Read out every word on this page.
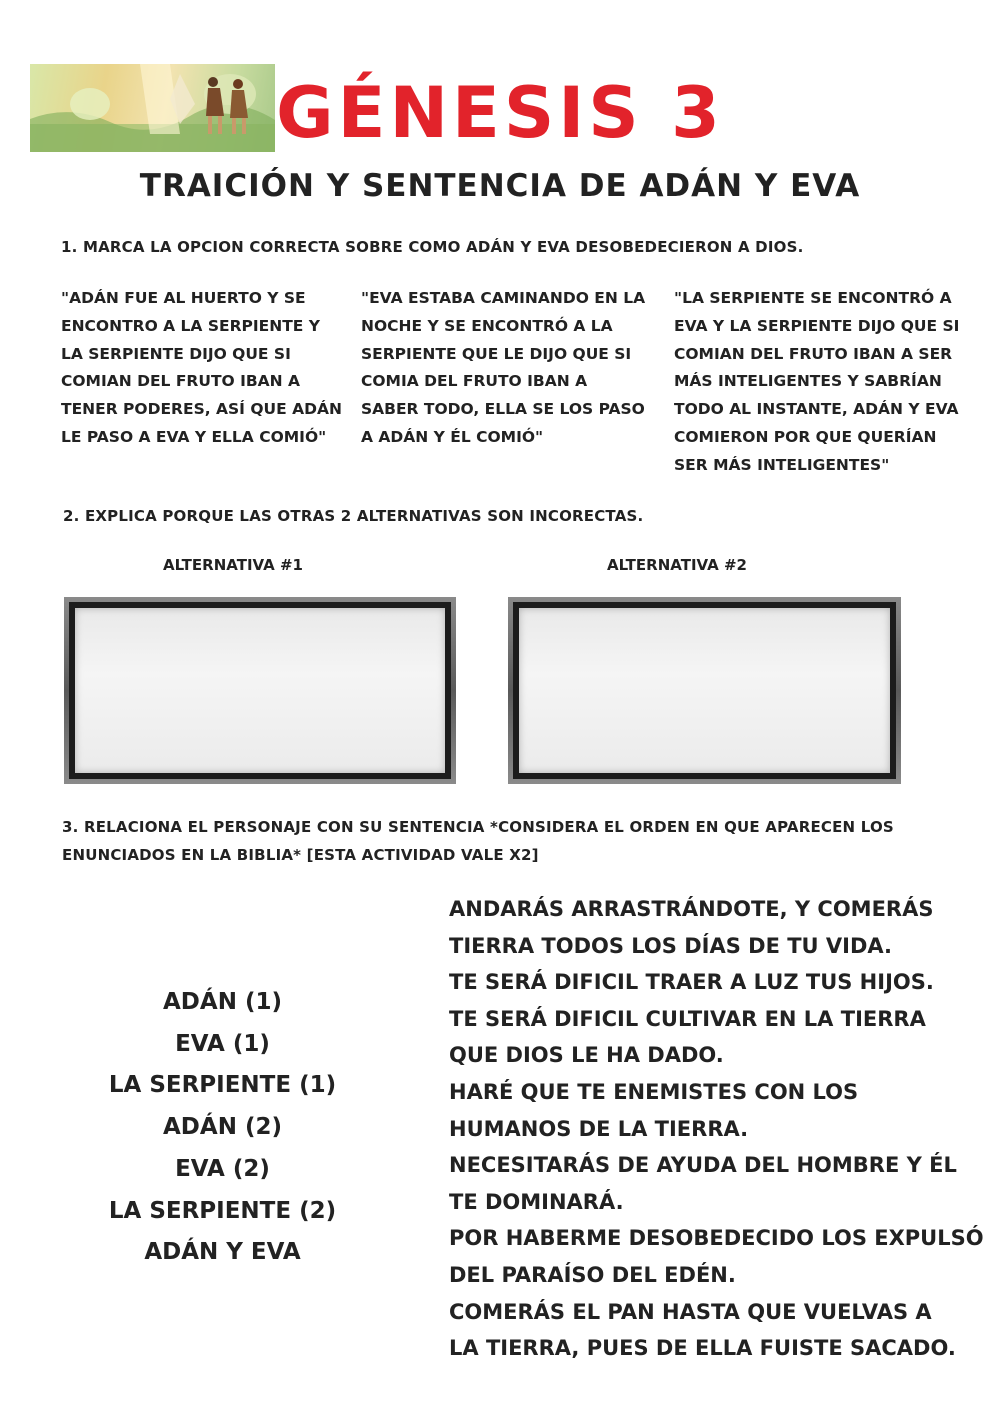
GÉNESIS 3
TRAICIÓN Y SENTENCIA DE ADÁN Y EVA
1. MARCA LA OPCION CORRECTA SOBRE COMO ADÁN Y EVA DESOBEDECIERON A DIOS.
"ADÁN FUE AL HUERTO Y SE ENCONTRO A LA SERPIENTE Y LA SERPIENTE DIJO QUE SI COMIAN DEL FRUTO IBAN A TENER PODERES, ASÍ QUE ADÁN LE PASO A EVA Y ELLA COMIÓ"
"EVA ESTABA CAMINANDO EN LA NOCHE Y SE ENCONTRÓ A LA SERPIENTE QUE LE DIJO QUE SI COMIA DEL FRUTO IBAN A SABER TODO, ELLA SE LOS PASO A ADÁN Y ÉL COMIÓ"
"LA SERPIENTE SE ENCONTRÓ A EVA Y LA SERPIENTE DIJO QUE SI COMIAN DEL FRUTO IBAN A SER MÁS INTELIGENTES Y SABRÍAN TODO AL INSTANTE, ADÁN Y EVA COMIERON POR QUE QUERÍAN SER MÁS INTELIGENTES"
2. EXPLICA PORQUE LAS OTRAS 2 ALTERNATIVAS SON INCORECTAS.
ALTERNATIVA #1	ALTERNATIVA #2
3. RELACIONA EL PERSONAJE CON SU SENTENCIA *CONSIDERA EL ORDEN EN QUE APARECEN LOS
ENUNCIADOS EN LA BIBLIA* [ESTA ACTIVIDAD VALE X2]
ADÁN (1)
EVA (1)
LA SERPIENTE (1)
ADÁN (2)
EVA (2)
LA SERPIENTE (2)
ADÁN Y EVA
ANDARÁS ARRASTRÁNDOTE, Y COMERÁS
TIERRA TODOS LOS DÍAS DE TU VIDA.
TE SERÁ DIFICIL TRAER A LUZ TUS HIJOS.
TE SERÁ DIFICIL CULTIVAR EN LA TIERRA
QUE DIOS LE HA DADO.
HARÉ QUE TE ENEMISTES CON LOS
HUMANOS DE LA TIERRA.
NECESITARÁS DE AYUDA DEL HOMBRE Y ÉL
TE DOMINARÁ.
POR HABERME DESOBEDECIDO LOS EXPULSÓ
DEL PARAÍSO DEL EDÉN.
COMERÁS EL PAN HASTA QUE VUELVAS A
LA TIERRA, PUES DE ELLA FUISTE SACADO.
